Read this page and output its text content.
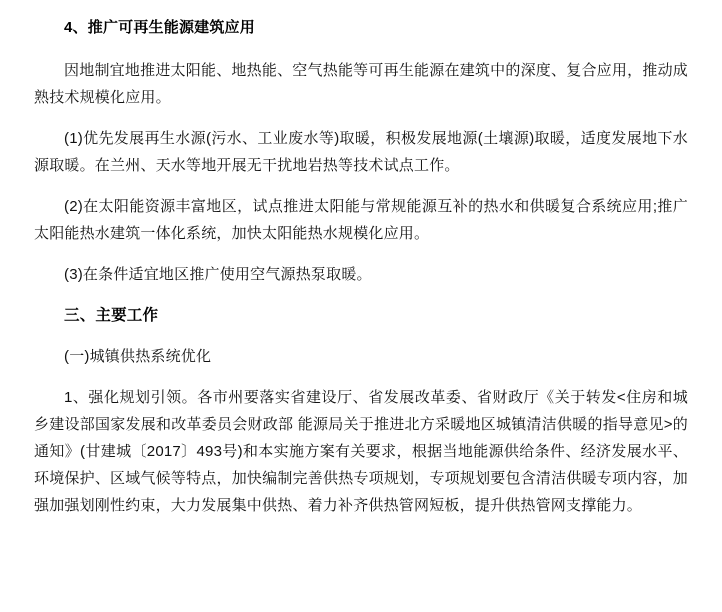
4、推广可再生能源建筑应用

因地制宜地推进太阳能、地热能、空气热能等可再生能源在建筑中的深度、复合应用，推动成熟技术规模化应用。

(1)优先发展再生水源(污水、工业废水等)取暖，积极发展地源(土壤源)取暖，适度发展地下水源取暖。在兰州、天水等地开展无干扰地岩热等技术试点工作。

(2)在太阳能资源丰富地区，试点推进太阳能与常规能源互补的热水和供暖复合系统应用;推广太阳能热水建筑一体化系统，加快太阳能热水规模化应用。

(3)在条件适宜地区推广使用空气源热泵取暖。

三、主要工作

(一)城镇供热系统优化

1、强化规划引领。各市州要落实省建设厅、省发展改革委、省财政厅《关于转发<住房和城乡建设部国家发展和改革委员会财政部 能源局关于推进北方采暖地区城镇清洁供暖的指导意见>的通知》(甘建城〔2017〕493号)和本实施方案有关要求，根据当地能源供给条件、经济发展水平、环境保护、区域气候等特点，加快编制完善供热专项规划，专项规划要包含清洁供暖专项内容，加强加强划刚性约束，大力发展集中供热、着力补齐供热管网短板，提升供热管网支撑能力。
